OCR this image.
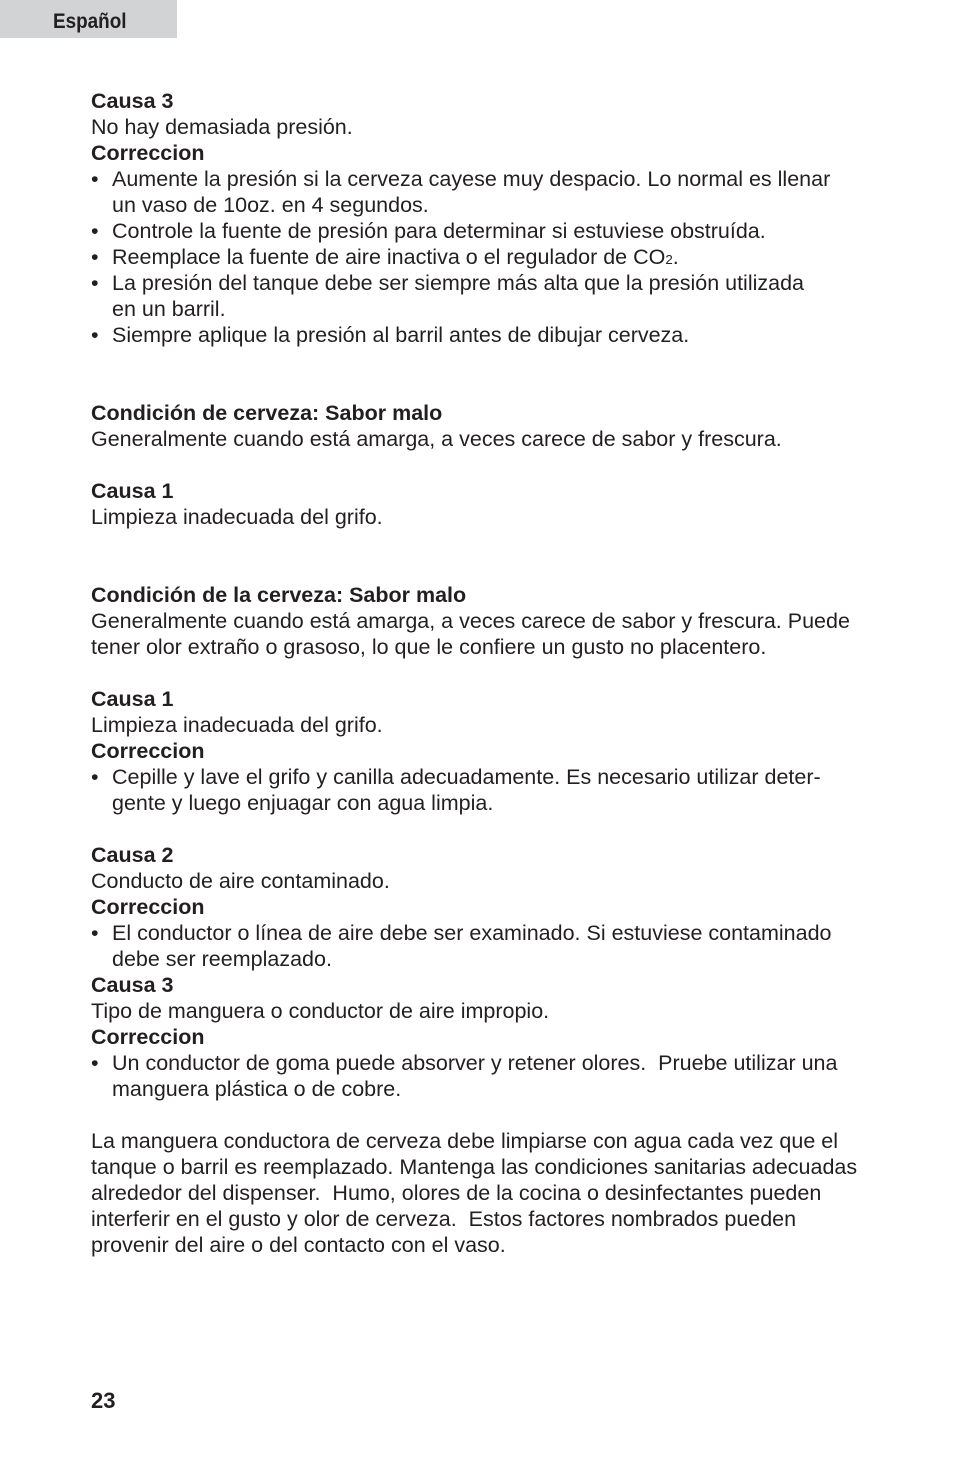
Español
Causa 3
No hay demasiada presión.
Correccion
• Aumente la presión si la cerveza cayese muy despacio. Lo normal es llenar
un vaso de 10oz. en 4 segundos.
• Controle la fuente de presión para determinar si estuviese obstruída.
• Reemplace la fuente de aire inactiva o el regulador de CO2.
• La presión del tanque debe ser siempre más alta que la presión utilizada
en un barril.
• Siempre aplique la presión al barril antes de dibujar cerveza.
Condición de cerveza: Sabor malo
Generalmente cuando está amarga, a veces carece de sabor y frescura.
Causa 1
Limpieza inadecuada del grifo.
Condición de la cerveza: Sabor malo
Generalmente cuando está amarga, a veces carece de sabor y frescura. Puede
tener olor extraño o grasoso, lo que le confiere un gusto no placentero.
Causa 1
Limpieza inadecuada del grifo.
Correccion
• Cepille y lave el grifo y canilla adecuadamente. Es necesario utilizar deter-
gente y luego enjuagar con agua limpia.
Causa 2
Conducto de aire contaminado.
Correccion
• El conductor o línea de aire debe ser examinado. Si estuviese contaminado
debe ser reemplazado.
Causa 3
Tipo de manguera o conductor de aire impropio.
Correccion
• Un conductor de goma puede absorver y retener olores.  Pruebe utilizar una
manguera plástica o de cobre.
La manguera conductora de cerveza debe limpiarse con agua cada vez que el
tanque o barril es reemplazado. Mantenga las condiciones sanitarias adecuadas
alrededor del dispenser.  Humo, olores de la cocina o desinfectantes pueden
interferir en el gusto y olor de cerveza.  Estos factores nombrados pueden
provenir del aire o del contacto con el vaso.
23
